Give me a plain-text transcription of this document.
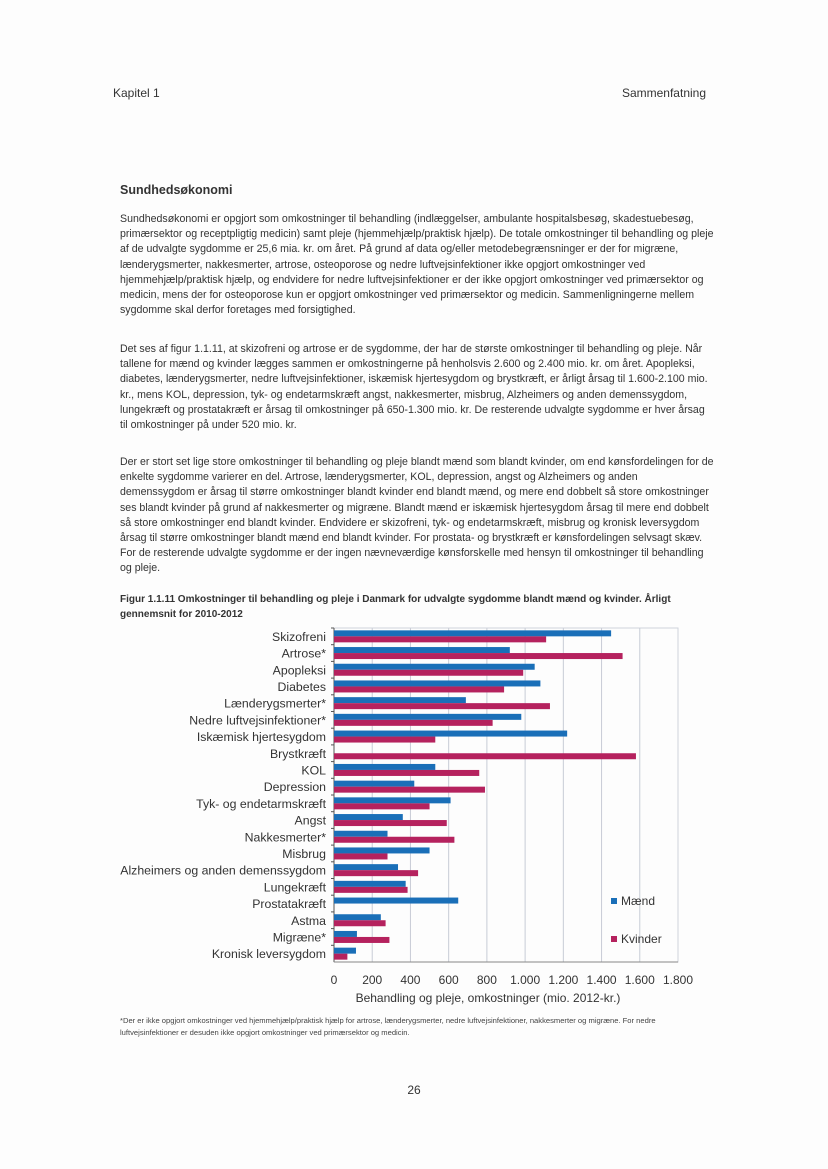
Kapitel 1	Sammenfatning
Sundhedsøkonomi
Sundhedsøkonomi er opgjort som omkostninger til behandling (indlæggelser, ambulante hospitalsbesøg, skadestuebesøg, primærsektor og receptpligtig medicin) samt pleje (hjemmehjælp/praktisk hjælp). De totale omkostninger til behandling og pleje af de udvalgte sygdomme er 25,6 mia. kr. om året. På grund af data og/eller metodebegrænsninger er der for migræne, lænderygsmerter, nakkesmerter, artrose, osteoporose og nedre luftvejsinfektioner ikke opgjort omkostninger ved hjemmehjælp/praktisk hjælp, og endvidere for nedre luftvejsinfektioner er der ikke opgjort omkostninger ved primærsektor og medicin, mens der for osteoporose kun er opgjort omkostninger ved primærsektor og medicin. Sammenligningerne mellem sygdomme skal derfor foretages med forsigtighed.
Det ses af figur 1.1.11, at skizofreni og artrose er de sygdomme, der har de største omkostninger til behandling og pleje. Når tallene for mænd og kvinder lægges sammen er omkostningerne på henholsvis 2.600 og 2.400 mio. kr. om året. Apopleksi, diabetes, lænderygsmerter, nedre luftvejsinfektioner, iskæmisk hjertesygdom og brystkræft, er årligt årsag til 1.600-2.100 mio. kr., mens KOL, depression, tyk- og endetarmskræft angst, nakkesmerter, misbrug, Alzheimers og anden demenssygdom, lungekræft og prostatakræft er årsag til omkostninger på 650-1.300 mio. kr. De resterende udvalgte sygdomme er hver årsag til omkostninger på under 520 mio. kr.
Der er stort set lige store omkostninger til behandling og pleje blandt mænd som blandt kvinder, om end kønsfordelingen for de enkelte sygdomme varierer en del. Artrose, lænderygsmerter, KOL, depression, angst og Alzheimers og anden demenssygdom er årsag til større omkostninger blandt kvinder end blandt mænd, og mere end dobbelt så store omkostninger ses blandt kvinder på grund af nakkesmerter og migræne. Blandt mænd er iskæmisk hjertesygdom årsag til mere end dobbelt så store omkostninger end blandt kvinder. Endvidere er skizofreni, tyk- og endetarmskræft, misbrug og kronisk leversygdom årsag til større omkostninger blandt mænd end blandt kvinder. For prostata- og brystkræft er kønsfordelingen selvsagt skæv. For de resterende udvalgte sygdomme er der ingen nævneværdige kønsforskelle med hensyn til omkostninger til behandling og pleje.
Figur 1.1.11 Omkostninger til behandling og pleje i Danmark for udvalgte sygdomme blandt mænd og kvinder. Årligt gennemsnit for 2010-2012
Skizofreni
Artrose*
Apopleksi
Diabetes
Lænderygsmerter*
Nedre luftvejsinfektioner*
Iskæmisk hjertesygdom
Brystkræft
KOL
Depression
Tyk- og endetarmskræft
Angst
Nakkesmerter*
Misbrug
Alzheimers og anden demenssygdom
Lungekræft
Prostatakræft
Astma
Migræne*
Kronisk leversygdom
0 200 400 600 800 1.000 1.200 1.400 1.600 1.800
Behandling og pleje, omkostninger (mio. 2012-kr.)
Mænd
Kvinder
*Der er ikke opgjort omkostninger ved hjemmehjælp/praktisk hjælp for artrose, lænderygsmerter, nedre luftvejsinfektioner, nakkesmerter og migræne. For nedre luftvejsinfektioner er desuden ikke opgjort omkostninger ved primærsektor og medicin.
26
